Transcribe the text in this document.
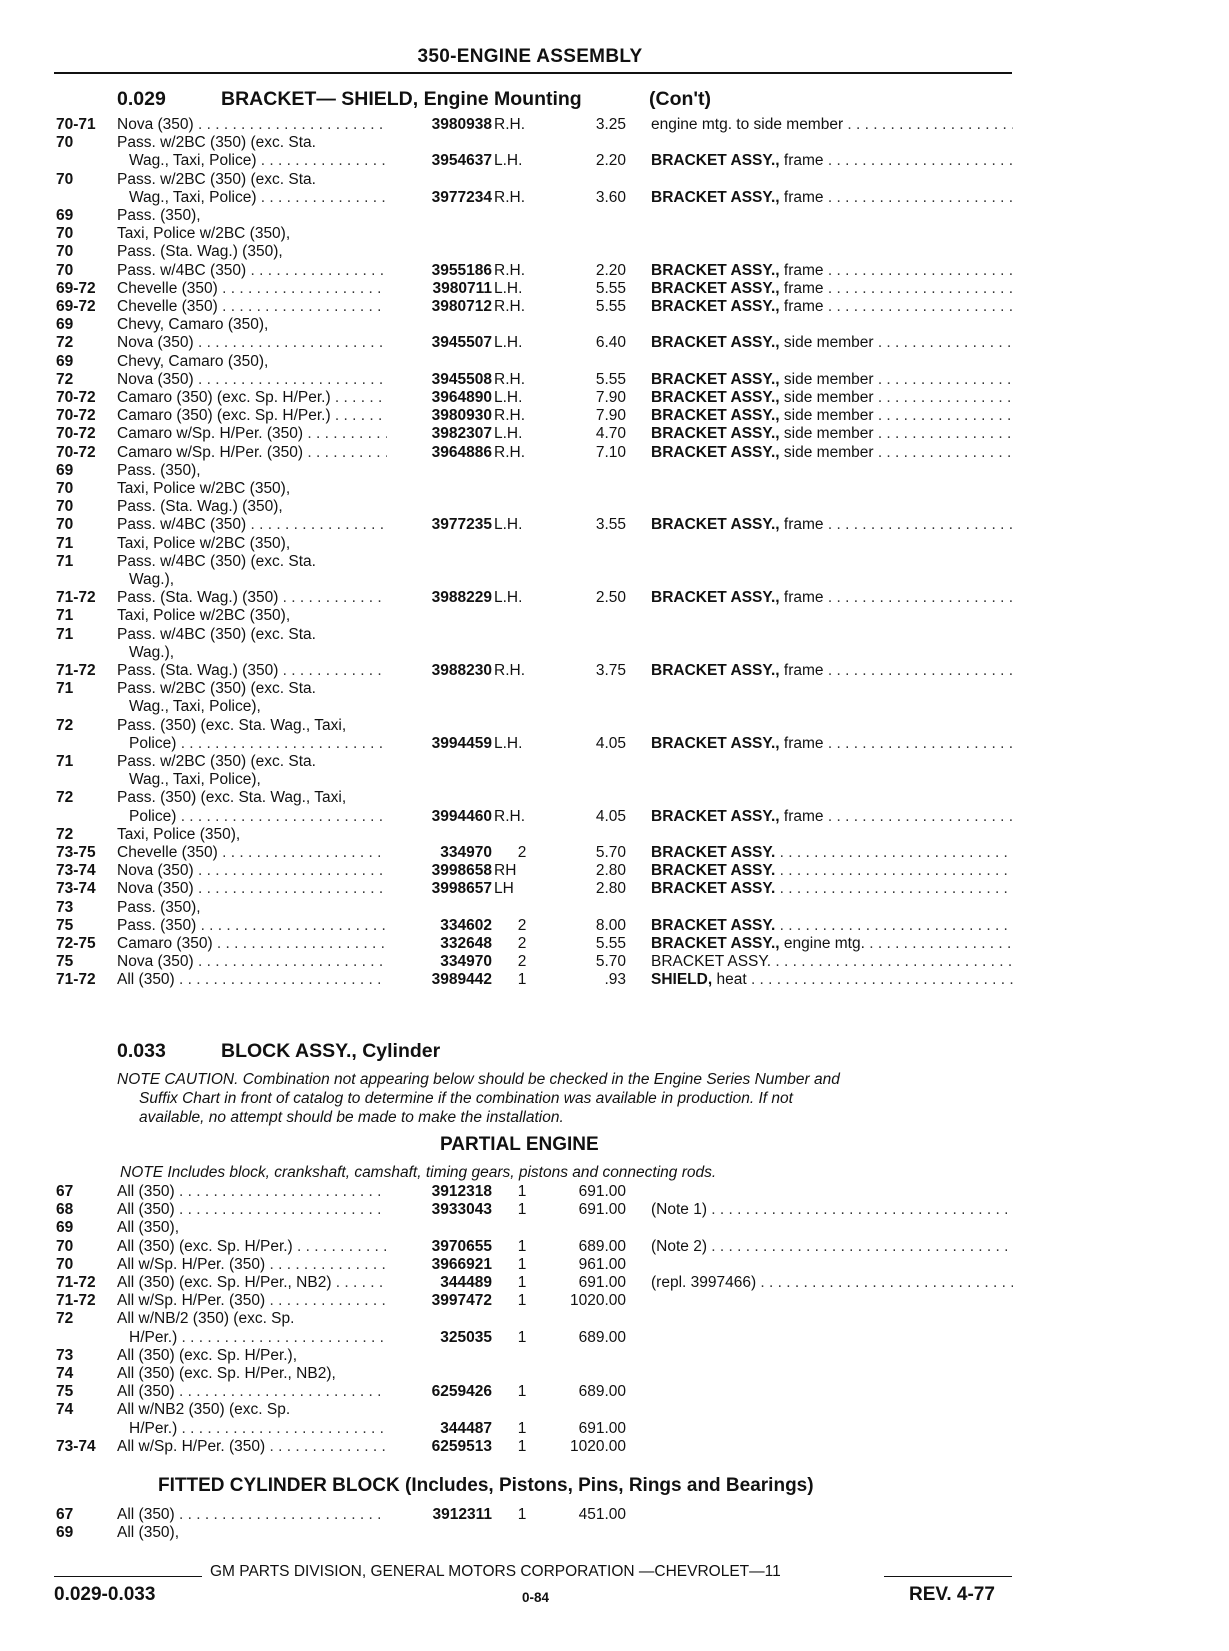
350-ENGINE ASSEMBLY
0.029	BRACKET— SHIELD, Engine Mounting	(Con't)
70-71 Nova (350) . . .	3980938 R.H.	3.25 engine mtg. to side member . . .
70	Pass. w/2BC (350) (exc. Sta.
Wag., Taxi, Police) . . .	3954637 L.H.	2.20 BRACKET ASSY., frame . . .
70	Pass. w/2BC (350) (exc. Sta.
Wag., Taxi, Police) . . .	3977234 R.H.	3.60 BRACKET ASSY., frame . . .
69	Pass. (350),
70	Taxi, Police w/2BC (350),
70	Pass. (Sta. Wag.) (350),
70	Pass. w/4BC (350) . . .	3955186 R.H.	2.20 BRACKET ASSY., frame . . .
69-72 Chevelle (350) . . .	3980711 L.H.	5.55 BRACKET ASSY., frame . . .
69-72 Chevelle (350) . . .	3980712 R.H.	5.55 BRACKET ASSY., frame . . .
69	Chevy, Camaro (350),
72	Nova (350) . . .	3945507 L.H.	6.40 BRACKET ASSY., side member . . .
69	Chevy, Camaro (350),
72	Nova (350) . . .	3945508 R.H.	5.55 BRACKET ASSY., side member . . .
70-72 Camaro (350) (exc. Sp. H/Per.) . . .	3964890 L.H.	7.90 BRACKET ASSY., side member . . .
70-72 Camaro (350) (exc. Sp. H/Per.) . . .	3980930 R.H.	7.90 BRACKET ASSY., side member . . .
70-72 Camaro w/Sp. H/Per. (350) . . .	3982307 L.H.	4.70 BRACKET ASSY., side member . . .
70-72 Camaro w/Sp. H/Per. (350) . . .	3964886 R.H.	7.10 BRACKET ASSY., side member . . .
69	Pass. (350),
70	Taxi, Police w/2BC (350),
70	Pass. (Sta. Wag.) (350),
70	Pass. w/4BC (350) . . .	3977235 L.H.	3.55 BRACKET ASSY., frame . . .
71	Taxi, Police w/2BC (350),
71	Pass. w/4BC (350) (exc. Sta.
Wag.),
71-72 Pass. (Sta. Wag.) (350) . . .	3988229 L.H.	2.50 BRACKET ASSY., frame . . .
71	Taxi, Police w/2BC (350),
71	Pass. w/4BC (350) (exc. Sta.
Wag.),
71-72 Pass. (Sta. Wag.) (350) . . .	3988230 R.H.	3.75 BRACKET ASSY., frame . . .
71	Pass. w/2BC (350) (exc. Sta.
Wag., Taxi, Police),
72	Pass. (350) (exc. Sta. Wag., Taxi,
Police) . . .	3994459 L.H.	4.05 BRACKET ASSY., frame . . .
71	Pass. w/2BC (350) (exc. Sta.
Wag., Taxi, Police),
72	Pass. (350) (exc. Sta. Wag., Taxi,
Police) . . .	3994460 R.H.	4.05 BRACKET ASSY., frame . . .
72	Taxi, Police (350),
73-75 Chevelle (350) . . .	334970	2	5.70 BRACKET ASSY. . . .
73-74 Nova (350) . . .	3998658 RH	2.80 BRACKET ASSY. . . .
73-74 Nova (350) . . .	3998657 LH	2.80 BRACKET ASSY. . . .
73	Pass. (350),
75	Pass. (350) . . .	334602	2	8.00 BRACKET ASSY. . . .
72-75 Camaro (350) . . .	332648	2	5.55 BRACKET ASSY., engine mtg. . . .
75	Nova (350) . . .	334970	2	5.70 BRACKET ASSY. . . .
71-72 All (350) . . .	3989442	1	.93 SHIELD, heat . . .
0.033	BLOCK ASSY., Cylinder
NOTE CAUTION. Combination not appearing below should be checked in the Engine Series Number and
Suffix Chart in front of catalog to determine if the combination was available in production. If not
available, no attempt should be made to make the installation.
PARTIAL ENGINE
NOTE Includes block, crankshaft, camshaft, timing gears, pistons and connecting rods.
67	All (350) . . .	3912318	1	691.00
68	All (350) . . .	3933043	1	691.00 (Note 1) . . .
69	All (350),
70	All (350) (exc. Sp. H/Per.) . . .	3970655	1	689.00 (Note 2) . . .
70	All w/Sp. H/Per. (350) . . .	3966921	1	961.00
71-72 All (350) (exc. Sp. H/Per., NB2) . . .	344489	1	691.00 (repl. 3997466) . . .
71-72 All w/Sp. H/Per. (350) . . .	3997472	1	1020.00
72	All w/NB/2 (350) (exc. Sp.
H/Per.) . . .	325035	1	689.00
73	All (350) (exc. Sp. H/Per.),
74	All (350) (exc. Sp. H/Per., NB2),
75	All (350) . . .	6259426	1	689.00
74	All w/NB2 (350) (exc. Sp.
H/Per.) . . .	344487	1	691.00
73-74 All w/Sp. H/Per. (350) . . .	6259513	1	1020.00
FITTED CYLINDER BLOCK (Includes, Pistons, Pins, Rings and Bearings)
67	All (350) . . .	3912311	1	451.00
69	All (350),
GM PARTS DIVISION, GENERAL MOTORS CORPORATION —CHEVROLET—11
0.029-0.033	0-84	REV. 4-77
